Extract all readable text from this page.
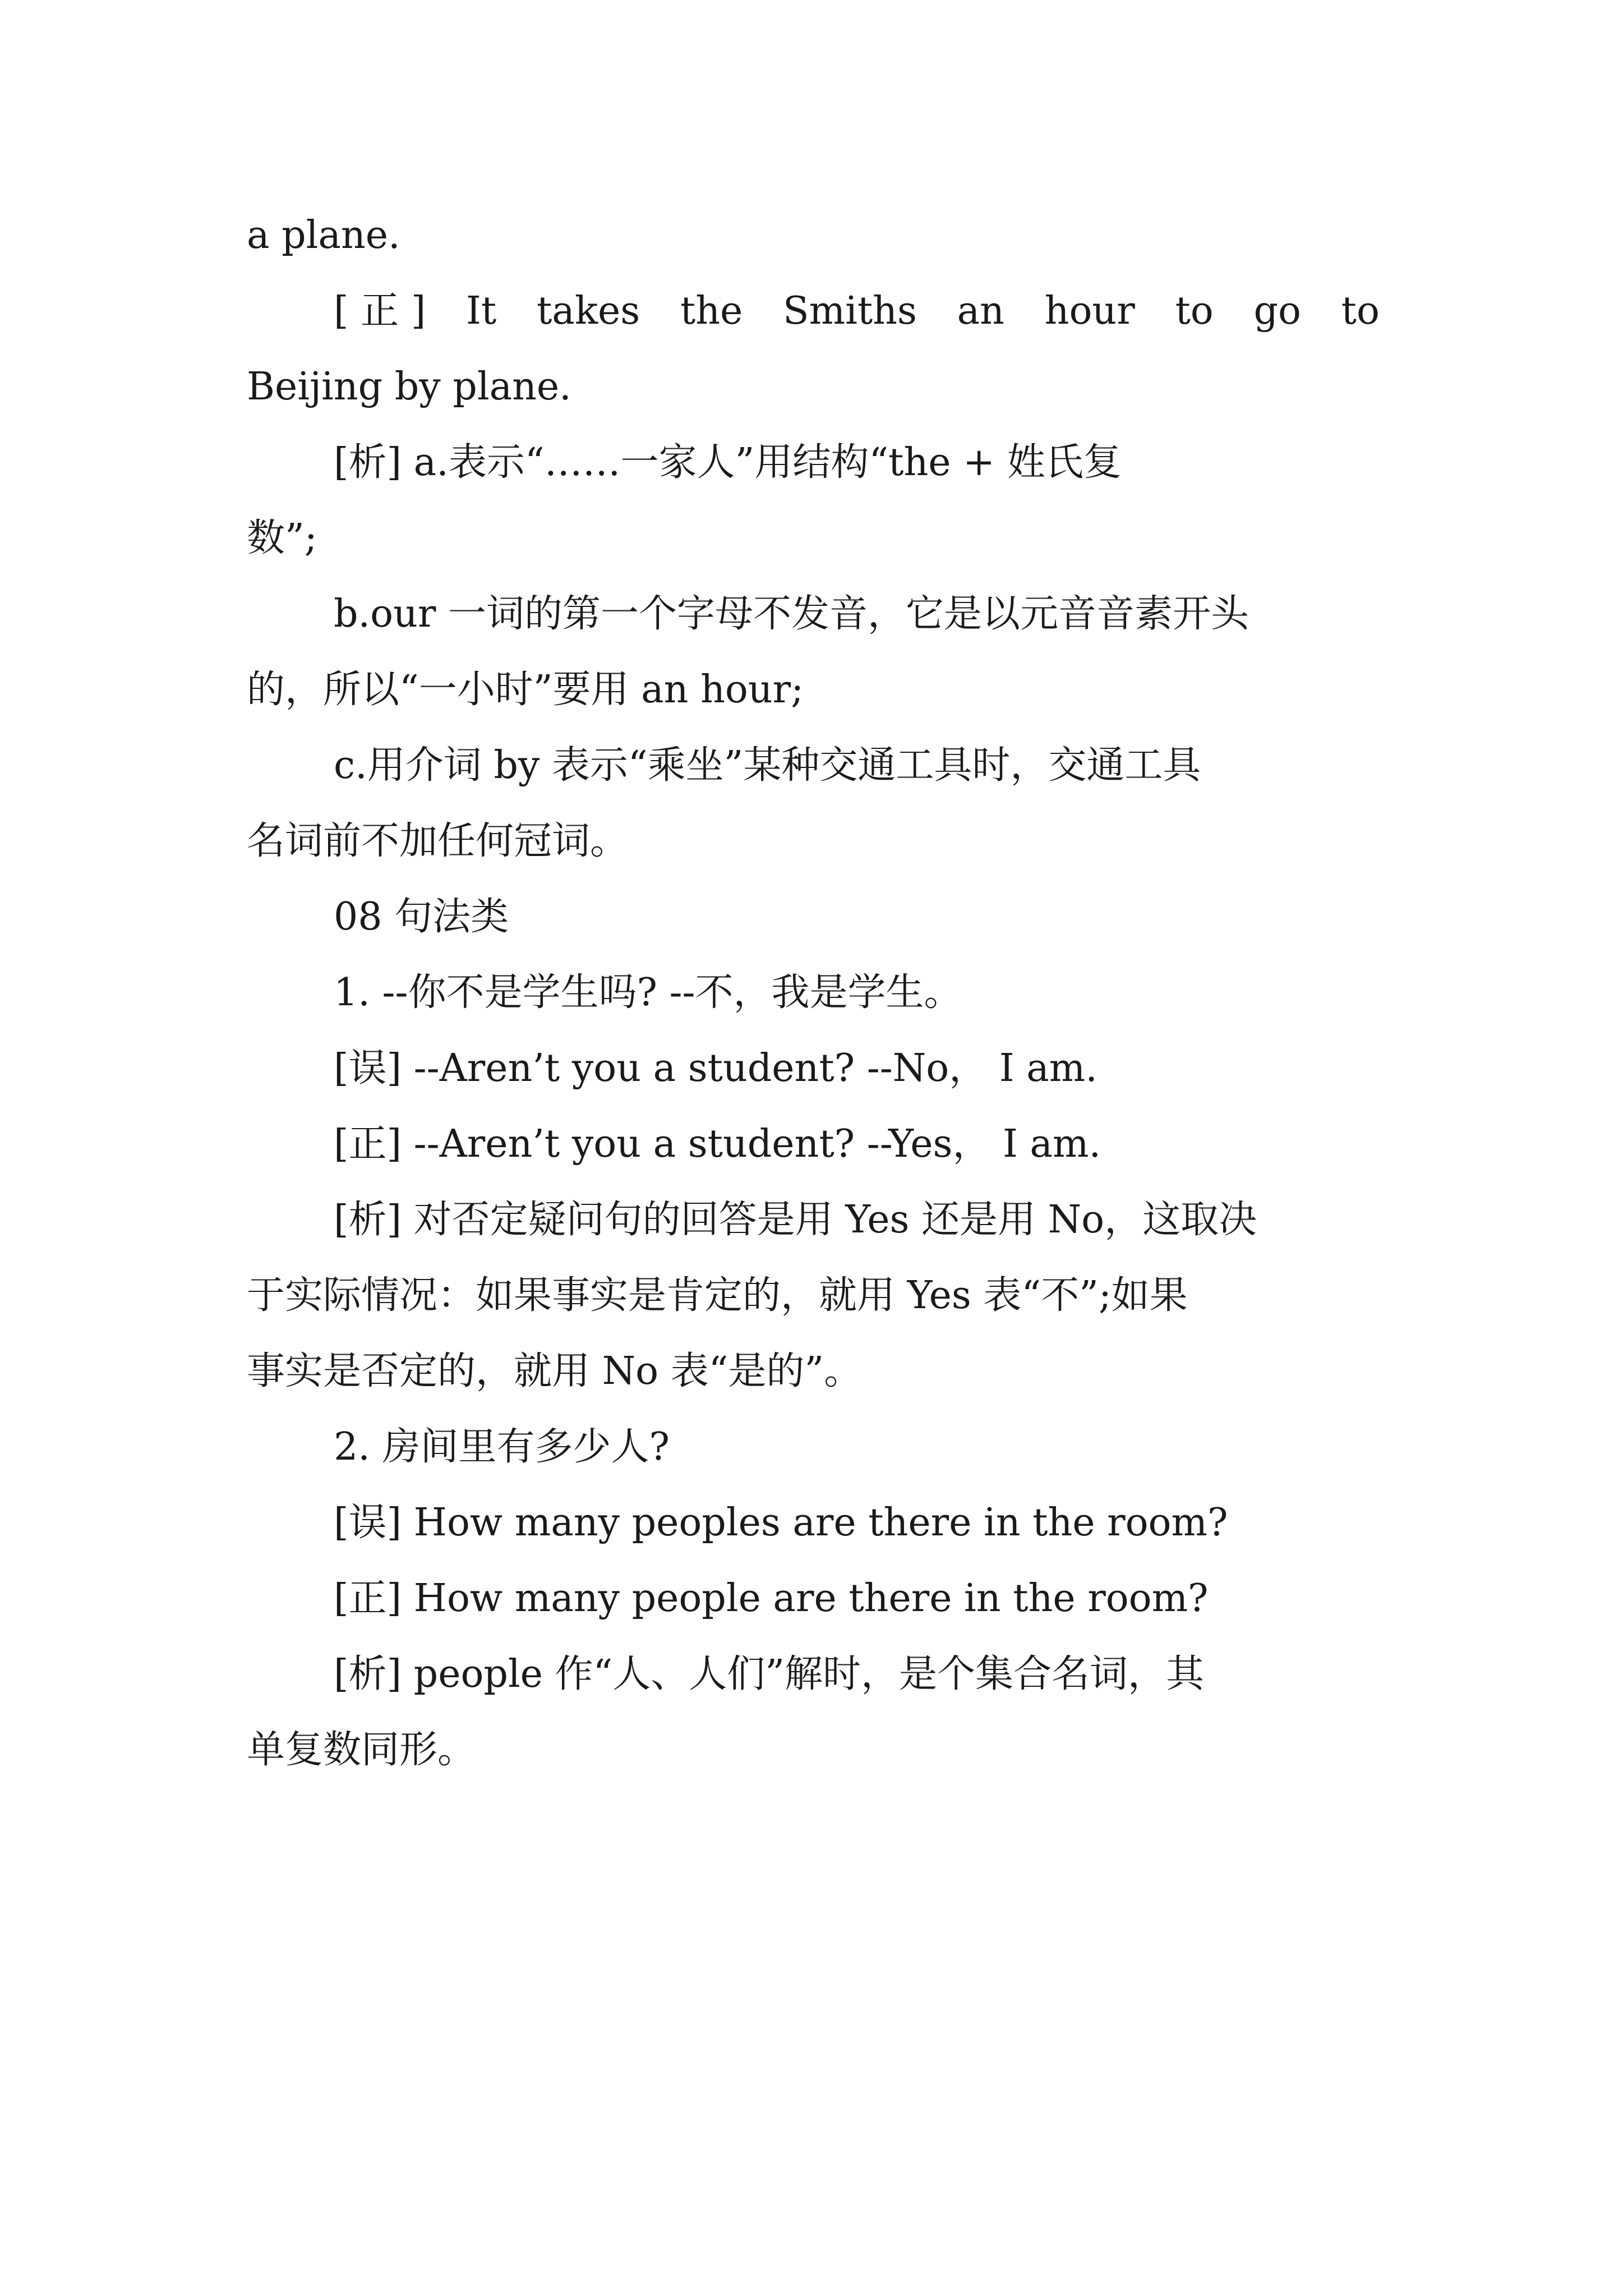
a plane.
[ 正 ] It takes the Smiths an hour to go to
Beijing by plane.
[析] a.表示“……一家人”用结构“the + 姓氏复
数”;
b.our 一词的第一个字母不发音，它是以元音音素开头
的，所以“一小时”要用 an hour;
c.用介词 by 表示“乘坐”某种交通工具时，交通工具
名词前不加任何冠词。
08 句法类
1. --你不是学生吗? --不，我是学生。
[误] --Aren’t you a student? --No， I am.
[正] --Aren’t you a student? --Yes， I am.
[析] 对否定疑问句的回答是用 Yes 还是用 No，这取决
于实际情况：如果事实是肯定的，就用 Yes 表“不”;如果
事实是否定的，就用 No 表“是的”。
2. 房间里有多少人?
[误] How many peoples are there in the room?
[正] How many people are there in the room?
[析] people 作“人、人们”解时，是个集合名词，其
单复数同形。
